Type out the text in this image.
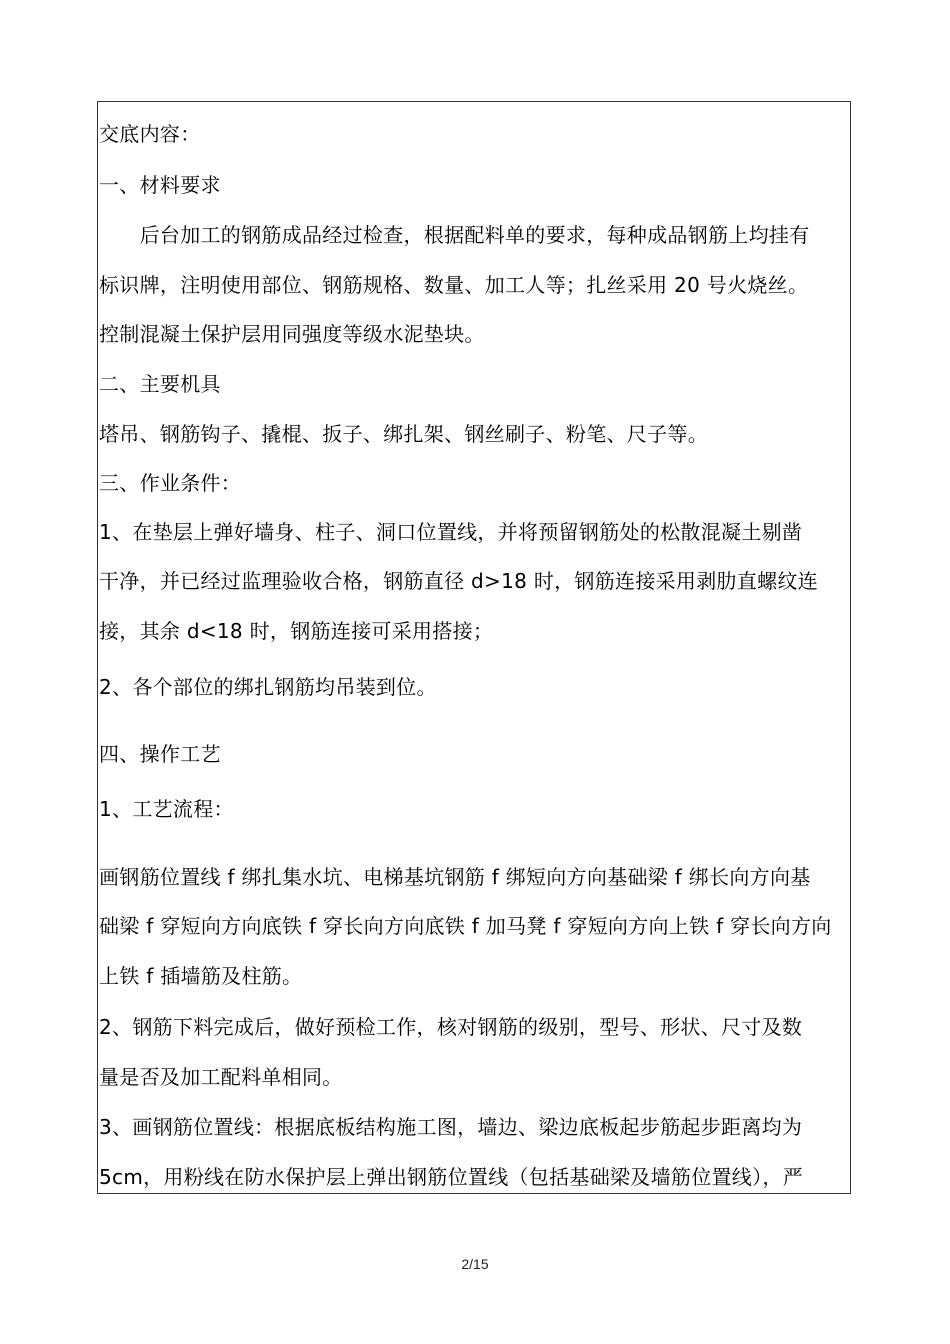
交底内容：
一、材料要求
　　后台加工的钢筋成品经过检查，根据配料单的要求，每种成品钢筋上均挂有
标识牌，注明使用部位、钢筋规格、数量、加工人等；扎丝采用 20 号火烧丝。
控制混凝土保护层用同强度等级水泥垫块。
二、主要机具
塔吊、钢筋钩子、撬棍、扳子、绑扎架、钢丝刷子、粉笔、尺子等。
三、作业条件：
1、在垫层上弹好墙身、柱子、洞口位置线，并将预留钢筋处的松散混凝土剔凿
干净，并已经过监理验收合格，钢筋直径 d>18 时，钢筋连接采用剥肋直螺纹连
接，其余 d<18 时，钢筋连接可采用搭接；
2、各个部位的绑扎钢筋均吊装到位。
四、操作工艺
1、工艺流程：
画钢筋位置线 f 绑扎集水坑、电梯基坑钢筋 f 绑短向方向基础梁 f 绑长向方向基
础梁 f 穿短向方向底铁 f 穿长向方向底铁 f 加马凳 f 穿短向方向上铁 f 穿长向方向
上铁 f 插墙筋及柱筋。
2、钢筋下料完成后，做好预检工作，核对钢筋的级别，型号、形状、尺寸及数
量是否及加工配料单相同。
3、画钢筋位置线：根据底板结构施工图，墙边、梁边底板起步筋起步距离均为
5cm，用粉线在防水保护层上弹出钢筋位置线（包括基础梁及墙筋位置线），严
2/15
